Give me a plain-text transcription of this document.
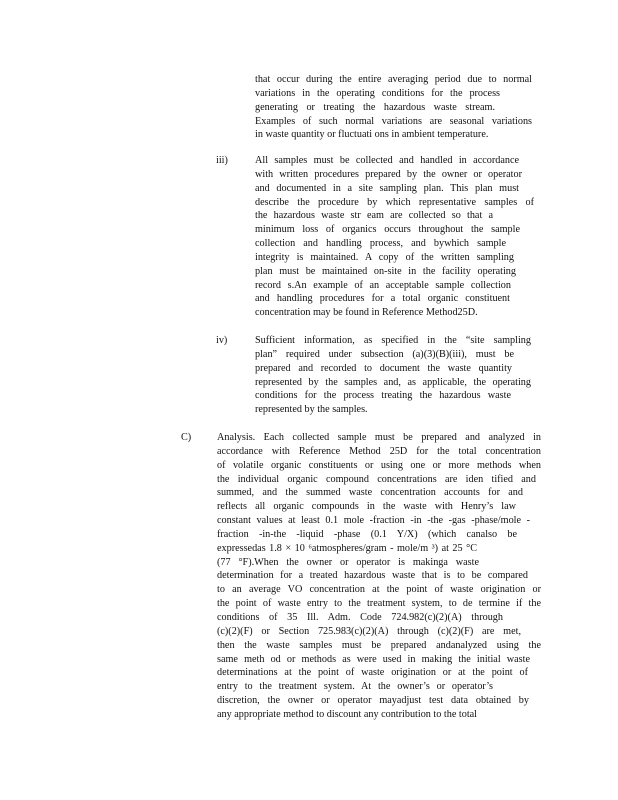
that occur during the entire averaging period due to normal
variations in the operating conditions for the process
generating or treating the hazardous waste stream.
Examples of such normal variations are seasonal variations
in waste quantity or fluctuati ons in ambient temperature.
iii)	All samples must be collected and handled in accordance
with written procedures prepared by the owner or operator
and documented in a site sampling plan. This plan must
describe the procedure by which representative samples of
the hazardous waste str eam are collected so that a
minimum loss of organics occurs throughout the sample
collection and handling process, and bywhich sample
integrity is maintained. A copy of the written sampling
plan must be maintained on-site in the facility operating
record s.An example of an acceptable sample collection
and handling procedures for a total organic constituent
concentration may be found in Reference Method25D.
iv)	Sufficient information, as specified in the “site sampling
plan” required under subsection (a)(3)(B)(iii), must be
prepared and recorded to document the waste quantity
represented by the samples and, as applicable, the operating
conditions for the process treating the hazardous waste
represented by the samples.
C)	Analysis. Each collected sample must be prepared and analyzed in
accordance with Reference Method 25D for the total concentration
of volatile organic constituents or using one or more methods when
the individual organic compound concentrations are iden tified and
summed, and the summed waste concentration accounts for and
reflects all organic compounds in the waste with Henry’s law
constant values at least 0.1 mole -fraction -in -the -gas -phase/mole -
fraction -in-the -liquid -phase (0.1 Y/X) (which canalso be
expressedas 1.8 × 10 ⁶atmospheres/gram - mole/m ³) at 25 °C
(77 °F).When the owner or operator is makinga waste
determination for a treated hazardous waste that is to be compared
to an average VO concentration at the point of waste origination or
the point of waste entry to the treatment system, to de termine if the
conditions of 35 Ill. Adm. Code 724.982(c)(2)(A) through
(c)(2)(F) or Section 725.983(c)(2)(A) through (c)(2)(F) are met,
then the waste samples must be prepared andanalyzed using the
same meth od or methods as were used in making the initial waste
determinations at the point of waste origination or at the point of
entry to the treatment system. At the owner’s or operator’s
discretion, the owner or operator mayadjust test data obtained by
any appropriate method to discount any contribution to the total
